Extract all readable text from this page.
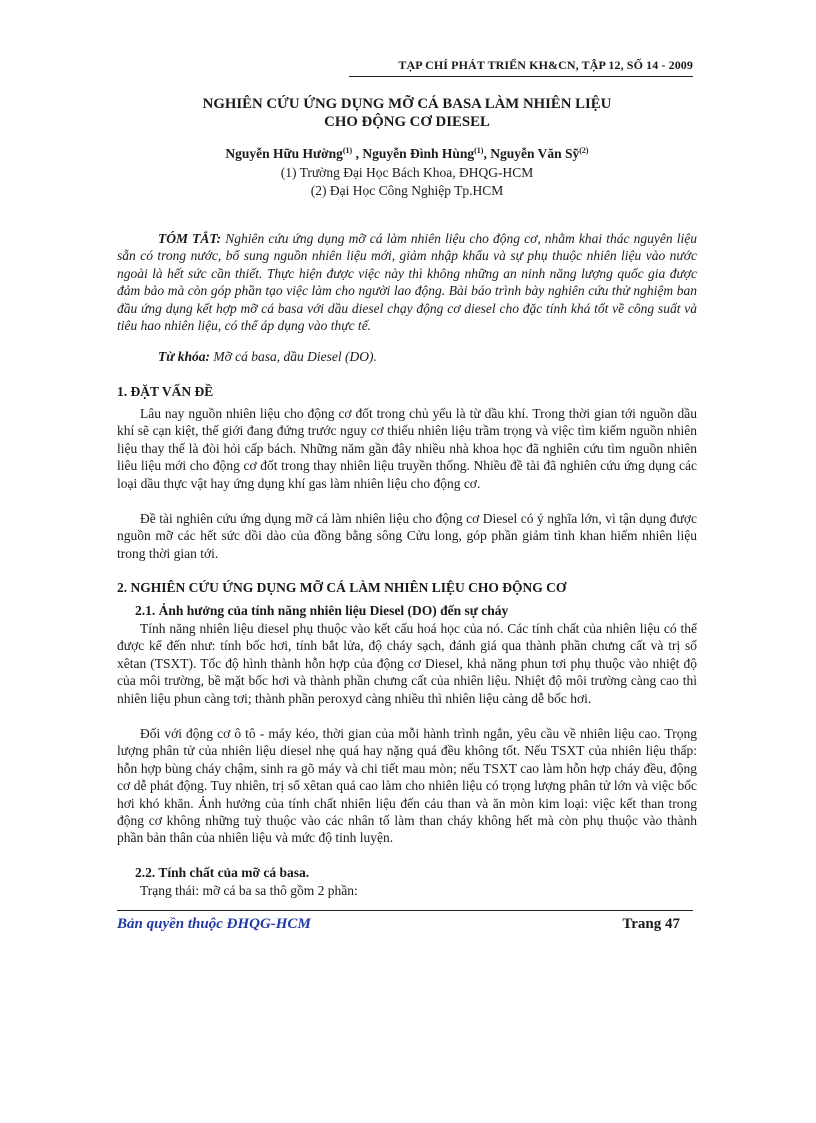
TẠP CHÍ PHÁT TRIỂN KH&CN, TẬP 12, SỐ 14 - 2009
NGHIÊN CỨU ỨNG DỤNG MỠ CÁ BASA LÀM NHIÊN LIỆU
CHO ĐỘNG CƠ DIESEL
Nguyễn Hữu Hường$^{(1)}$ , Nguyễn Đình Hùng$^{(1)}$, Nguyễn Văn Sỹ$^{(2)}$
(1) Trường Đại Học Bách Khoa, ĐHQG-HCM
(2) Đại Học Công Nghiệp Tp.HCM

TÓM TẮT: Nghiên cứu ứng dụng mỡ cá làm nhiên liệu cho động cơ, nhằm khai thác nguyên liệu sẵn có trong nước, bổ sung nguồn nhiên liệu mới, giảm nhập khẩu và sự phụ thuộc nhiên liệu vào nước ngoài là hết sức cần thiết. Thực hiện được việc này thì không những an ninh năng lượng quốc gia được đảm bảo mà còn góp phần tạo việc làm cho người lao động. Bài báo trình bày nghiên cứu thử nghiệm ban đầu ứng dụng kết hợp mỡ cá basa với dầu diesel chạy động cơ diesel cho đặc tính khá tốt về công suất và tiêu hao nhiên liệu, có thể áp dụng vào thực tế.

Từ khóa: Mỡ cá basa, dầu Diesel (DO).
1. ĐẶT VẤN ĐỀ

Lâu nay nguồn nhiên liệu cho động cơ đốt trong chủ yếu là từ dầu khí. Trong thời gian tới nguồn dầu khí sẽ cạn kiệt, thế giới đang đứng trước nguy cơ thiếu nhiên liệu trầm trọng và việc tìm kiếm nguồn nhiên liệu thay thế là đòi hỏi cấp bách. Những năm gần đây nhiều nhà khoa học đã nghiên cứu tìm nguồn nhiên liêu liệu mới cho động cơ đốt trong thay nhiên liệu truyền thống. Nhiều đề tài đã nghiên cứu ứng dụng các loại dầu thực vật hay ứng dụng khí gas làm nhiên liệu cho động cơ.

Đề tài nghiên cứu ứng dụng mỡ cá làm nhiên liệu cho động cơ Diesel có ý nghĩa lớn, vì tận dụng được nguồn mỡ các hết sức dồi dào của đồng bằng sông Cửu long, góp phần giảm tình khan hiếm nhiên liệu trong thời gian tới.

2. NGHIÊN CỨU ỨNG DỤNG MỠ CÁ LÀM NHIÊN LIỆU CHO ĐỘNG CƠ
2.1. Ảnh hưởng của tính năng nhiên liệu Diesel (DO) đến sự cháy

Tính năng nhiên liệu diesel phụ thuộc vào kết cấu hoá học của nó. Các tính chất của nhiên liệu có thể được kể đến như: tính bốc hơi, tính bắt lửa, độ cháy sạch, đánh giá qua thành phần chưng cất và trị số xêtan (TSXT). Tốc độ hình thành hỗn hợp của động cơ Diesel, khả năng phun tơi phụ thuộc vào nhiệt độ của môi trường, bề mặt bốc hơi và thành phần chưng cất của nhiên liệu. Nhiệt độ môi trường càng cao thì nhiên liệu phun càng tơi; thành phần peroxyd càng nhiều thì nhiên liệu càng dễ bốc hơi.

Đối với động cơ ô tô - máy kéo, thời gian của mỗi hành trình ngắn, yêu cầu về nhiên liệu cao. Trọng lượng phân tử của nhiên liệu diesel nhẹ quá hay nặng quá đều không tốt. Nếu TSXT của nhiên liệu thấp: hỗn hợp bùng cháy chậm, sinh ra gõ máy và chi tiết mau mòn; nếu TSXT cao làm hỗn hợp cháy đều, động cơ dễ phát động. Tuy nhiên, trị số xêtan quá cao làm cho nhiên liệu có trọng lượng phân tử lớn và việc bốc hơi khó khăn. Ảnh hưởng của tính chất nhiên liệu đến cáu than và ăn mòn kim loại: việc kết than trong động cơ không những tuỳ thuộc vào các nhân tố làm than cháy không hết mà còn phụ thuộc vào thành phần bản thân của nhiên liệu và mức độ tinh luyện.

2.2. Tính chất của mỡ cá basa.

Trạng thái: mỡ cá ba sa thô gồm 2 phần:

Bản quyền thuộc ĐHQG-HCM	Trang 47
